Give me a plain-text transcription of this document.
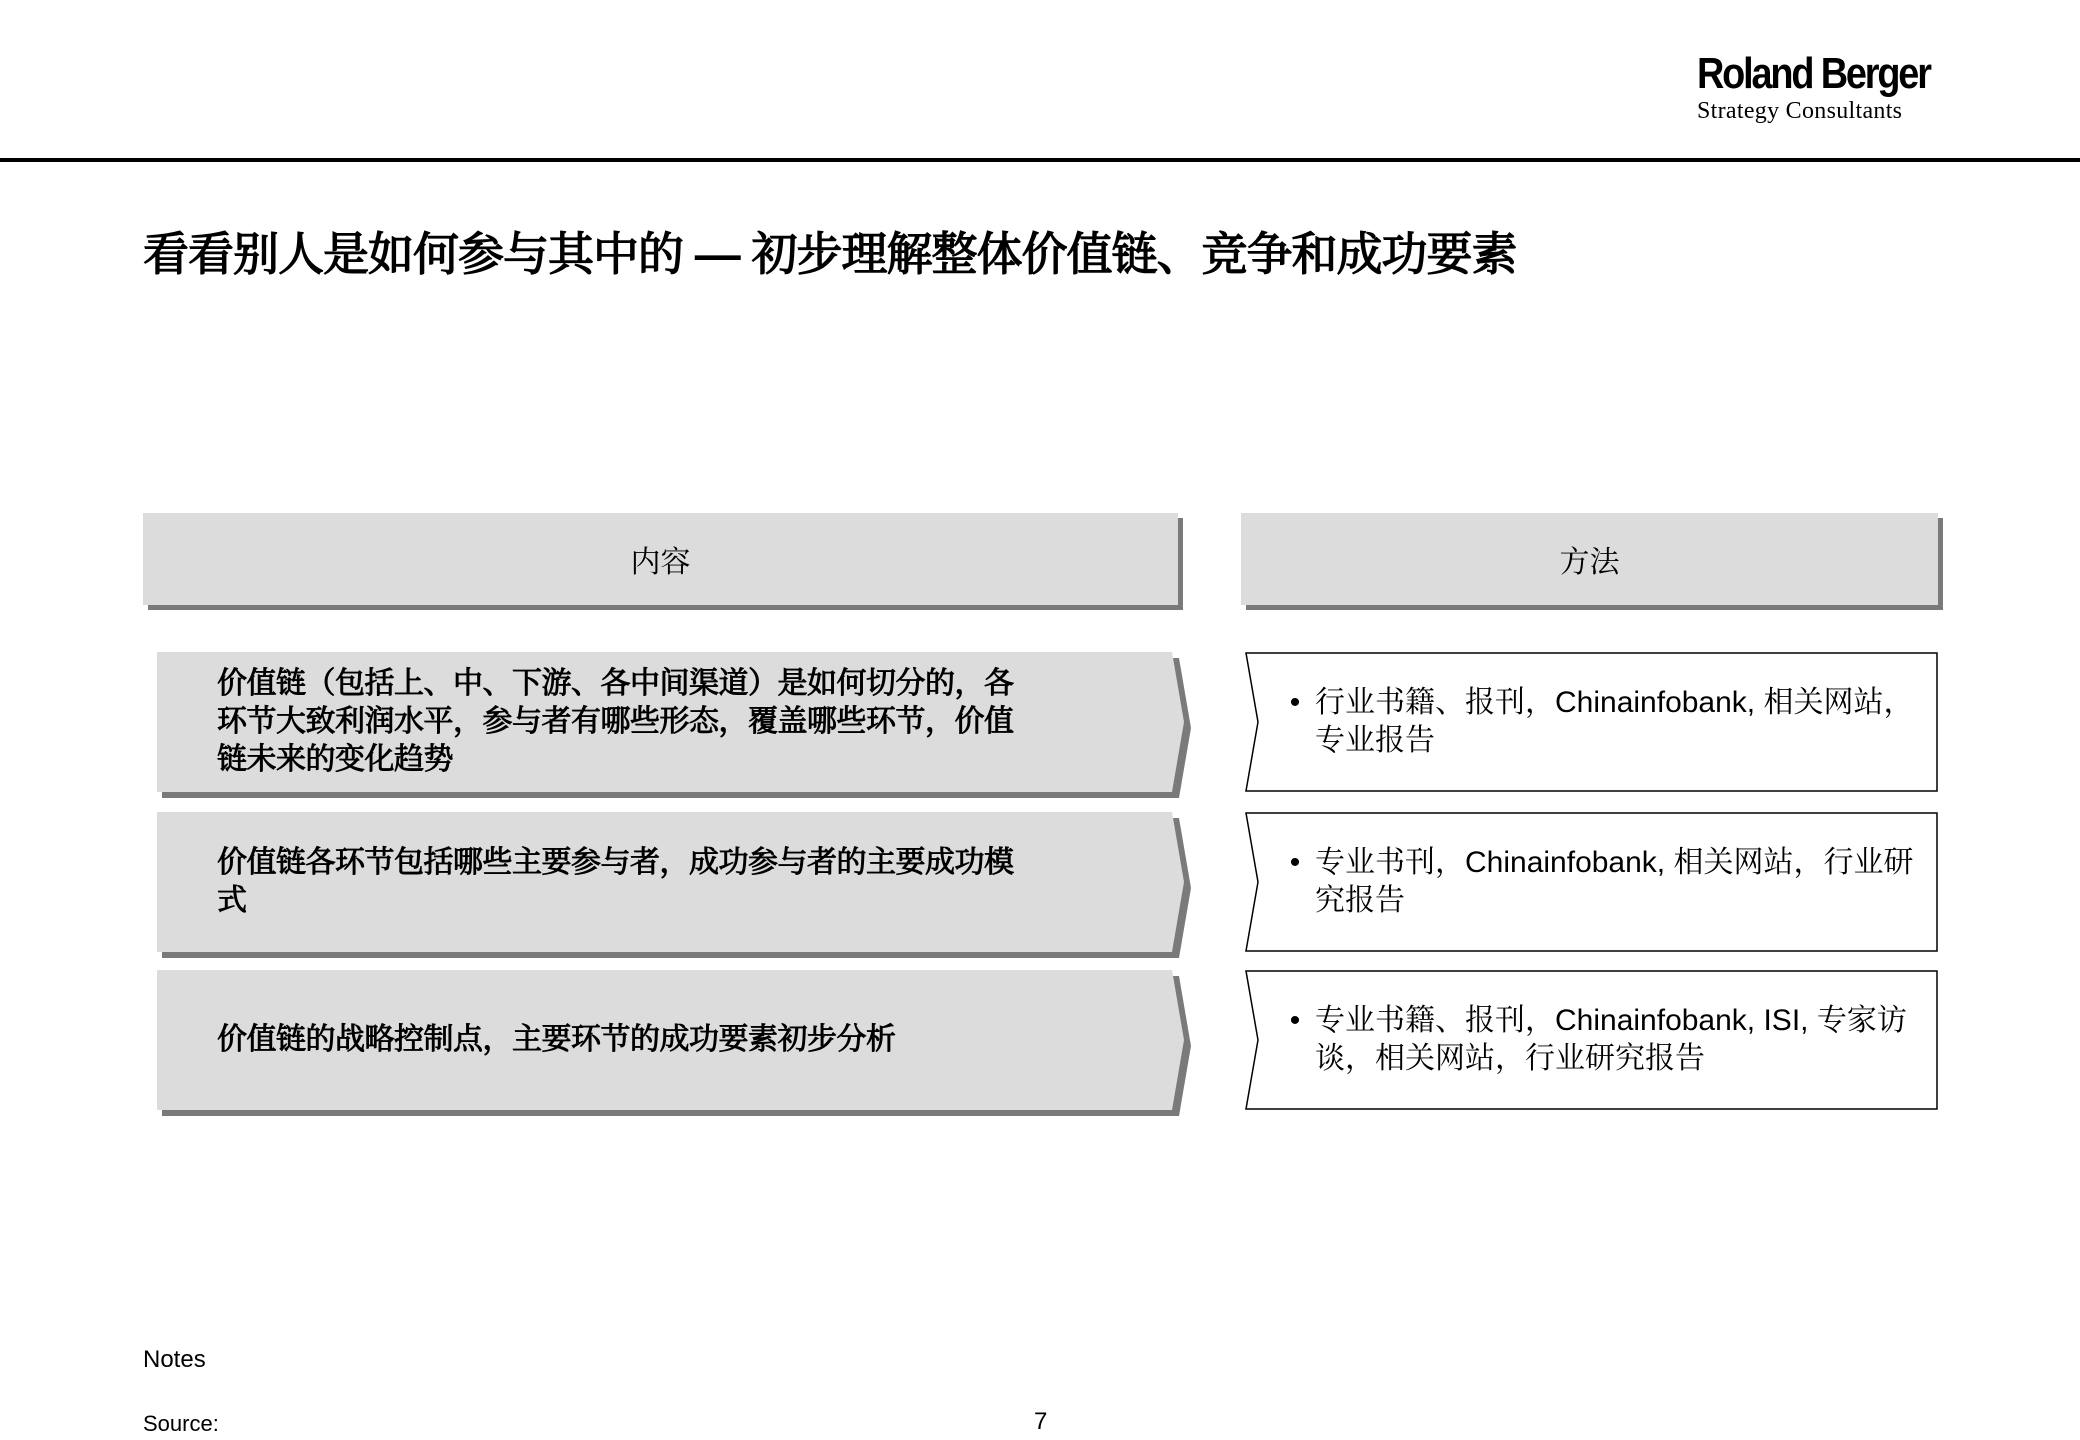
Roland Berger
Strategy Consultants
看看别人是如何参与其中的 — 初步理解整体价值链、竞争和成功要素
内容	方法
价值链（包括上、中、下游、各中间渠道）是如何切分的，各环节大致利润水平，参与者有哪些形态，覆盖哪些环节，价值链未来的变化趋势
价值链各环节包括哪些主要参与者，成功参与者的主要成功模式
价值链的战略控制点，主要环节的成功要素初步分析
• 行业书籍、报刊，Chinainfobank, 相关网站，专业报告
• 专业书刊，Chinainfobank, 相关网站，行业研究报告
• 专业书籍、报刊，Chinainfobank, ISI, 专家访谈，相关网站，行业研究报告
Notes
Source:	7
